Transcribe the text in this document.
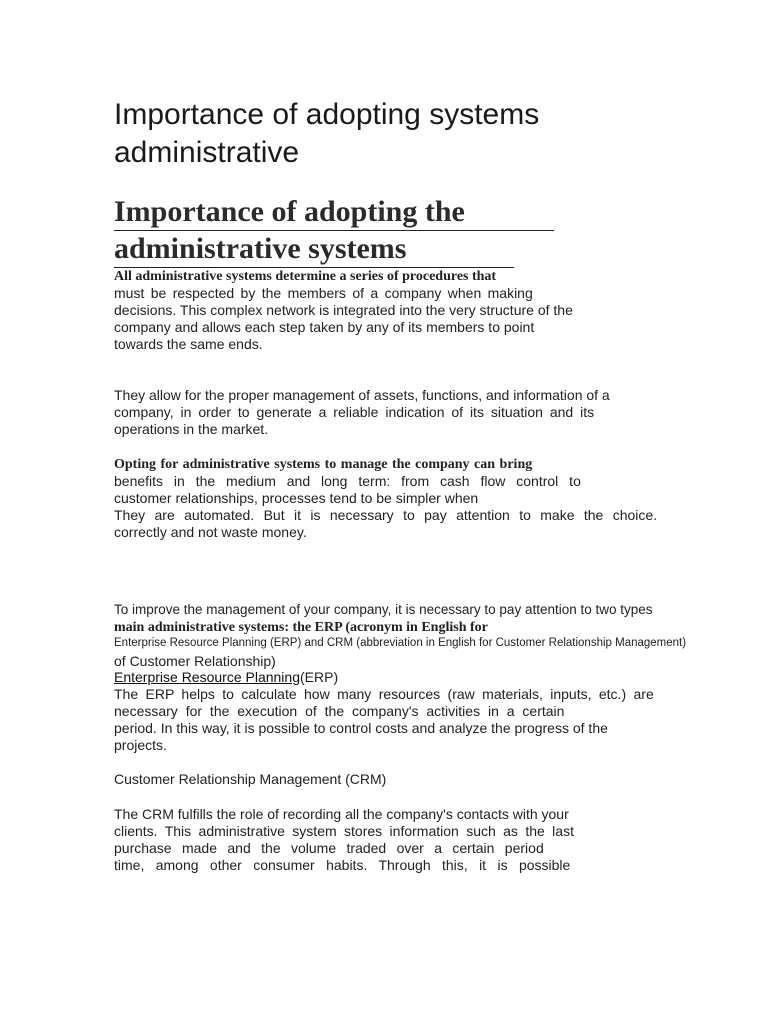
Importance of adopting systems
administrative
Importance of adopting the
administrative systems
All administrative systems determine a series of procedures that
must be respected by the members of a company when making
decisions. This complex network is integrated into the very structure of the
company and allows each step taken by any of its members to point
towards the same ends.
They allow for the proper management of assets, functions, and information of a
company, in order to generate a reliable indication of its situation and its
operations in the market.
Opting for administrative systems to manage the company can bring
benefits in the medium and long term: from cash flow control to
customer relationships, processes tend to be simpler when
They are automated. But it is necessary to pay attention to make the choice.
correctly and not waste money.
To improve the management of your company, it is necessary to pay attention to two types
main administrative systems: the ERP (acronym in English for
Enterprise Resource Planning (ERP) and CRM (abbreviation in English for Customer Relationship Management)
of Customer Relationship)
Enterprise Resource Planning(ERP)
The ERP helps to calculate how many resources (raw materials, inputs, etc.) are
necessary for the execution of the company's activities in a certain
period. In this way, it is possible to control costs and analyze the progress of the
projects.
Customer Relationship Management (CRM)
The CRM fulfills the role of recording all the company's contacts with your
clients. This administrative system stores information such as the last
purchase made and the volume traded over a certain period
time, among other consumer habits. Through this, it is possible
